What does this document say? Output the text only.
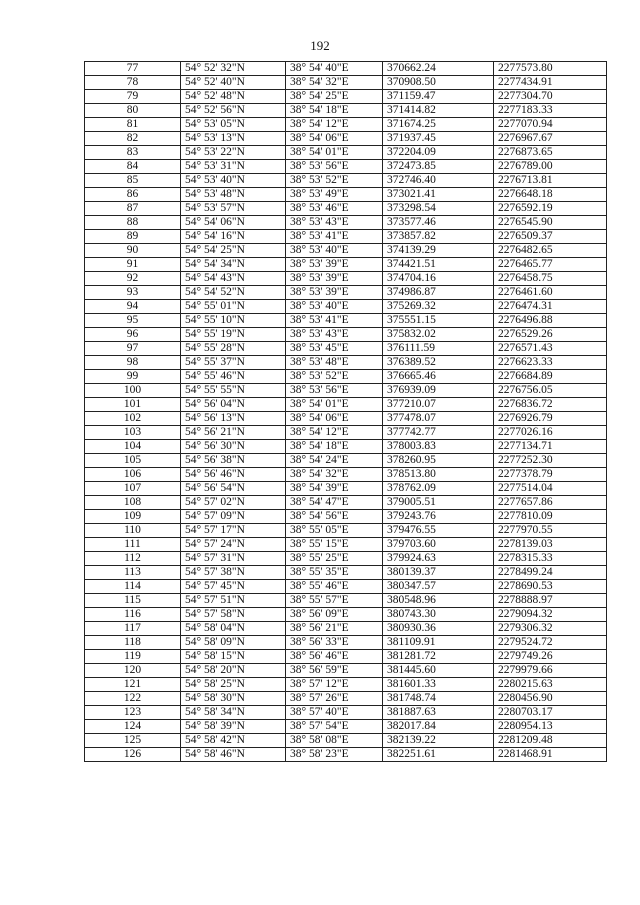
192
77	54° 52' 32"N	38° 54' 40"E	370662.24	2277573.80
78	54° 52' 40"N	38° 54' 32"E	370908.50	2277434.91
79	54° 52' 48"N	38° 54' 25"E	371159.47	2277304.70
80	54° 52' 56"N	38° 54' 18"E	371414.82	2277183.33
81	54° 53' 05"N	38° 54' 12"E	371674.25	2277070.94
82	54° 53' 13"N	38° 54' 06"E	371937.45	2276967.67
83	54° 53' 22"N	38° 54' 01"E	372204.09	2276873.65
84	54° 53' 31"N	38° 53' 56"E	372473.85	2276789.00
85	54° 53' 40"N	38° 53' 52"E	372746.40	2276713.81
86	54° 53' 48"N	38° 53' 49"E	373021.41	2276648.18
87	54° 53' 57"N	38° 53' 46"E	373298.54	2276592.19
88	54° 54' 06"N	38° 53' 43"E	373577.46	2276545.90
89	54° 54' 16"N	38° 53' 41"E	373857.82	2276509.37
90	54° 54' 25"N	38° 53' 40"E	374139.29	2276482.65
91	54° 54' 34"N	38° 53' 39"E	374421.51	2276465.77
92	54° 54' 43"N	38° 53' 39"E	374704.16	2276458.75
93	54° 54' 52"N	38° 53' 39"E	374986.87	2276461.60
94	54° 55' 01"N	38° 53' 40"E	375269.32	2276474.31
95	54° 55' 10"N	38° 53' 41"E	375551.15	2276496.88
96	54° 55' 19"N	38° 53' 43"E	375832.02	2276529.26
97	54° 55' 28"N	38° 53' 45"E	376111.59	2276571.43
98	54° 55' 37"N	38° 53' 48"E	376389.52	2276623.33
99	54° 55' 46"N	38° 53' 52"E	376665.46	2276684.89
100	54° 55' 55"N	38° 53' 56"E	376939.09	2276756.05
101	54° 56' 04"N	38° 54' 01"E	377210.07	2276836.72
102	54° 56' 13"N	38° 54' 06"E	377478.07	2276926.79
103	54° 56' 21"N	38° 54' 12"E	377742.77	2277026.16
104	54° 56' 30"N	38° 54' 18"E	378003.83	2277134.71
105	54° 56' 38"N	38° 54' 24"E	378260.95	2277252.30
106	54° 56' 46"N	38° 54' 32"E	378513.80	2277378.79
107	54° 56' 54"N	38° 54' 39"E	378762.09	2277514.04
108	54° 57' 02"N	38° 54' 47"E	379005.51	2277657.86
109	54° 57' 09"N	38° 54' 56"E	379243.76	2277810.09
110	54° 57' 17"N	38° 55' 05"E	379476.55	2277970.55
111	54° 57' 24"N	38° 55' 15"E	379703.60	2278139.03
112	54° 57' 31"N	38° 55' 25"E	379924.63	2278315.33
113	54° 57' 38"N	38° 55' 35"E	380139.37	2278499.24
114	54° 57' 45"N	38° 55' 46"E	380347.57	2278690.53
115	54° 57' 51"N	38° 55' 57"E	380548.96	2278888.97
116	54° 57' 58"N	38° 56' 09"E	380743.30	2279094.32
117	54° 58' 04"N	38° 56' 21"E	380930.36	2279306.32
118	54° 58' 09"N	38° 56' 33"E	381109.91	2279524.72
119	54° 58' 15"N	38° 56' 46"E	381281.72	2279749.26
120	54° 58' 20"N	38° 56' 59"E	381445.60	2279979.66
121	54° 58' 25"N	38° 57' 12"E	381601.33	2280215.63
122	54° 58' 30"N	38° 57' 26"E	381748.74	2280456.90
123	54° 58' 34"N	38° 57' 40"E	381887.63	2280703.17
124	54° 58' 39"N	38° 57' 54"E	382017.84	2280954.13
125	54° 58' 42"N	38° 58' 08"E	382139.22	2281209.48
126	54° 58' 46"N	38° 58' 23"E	382251.61	2281468.91
